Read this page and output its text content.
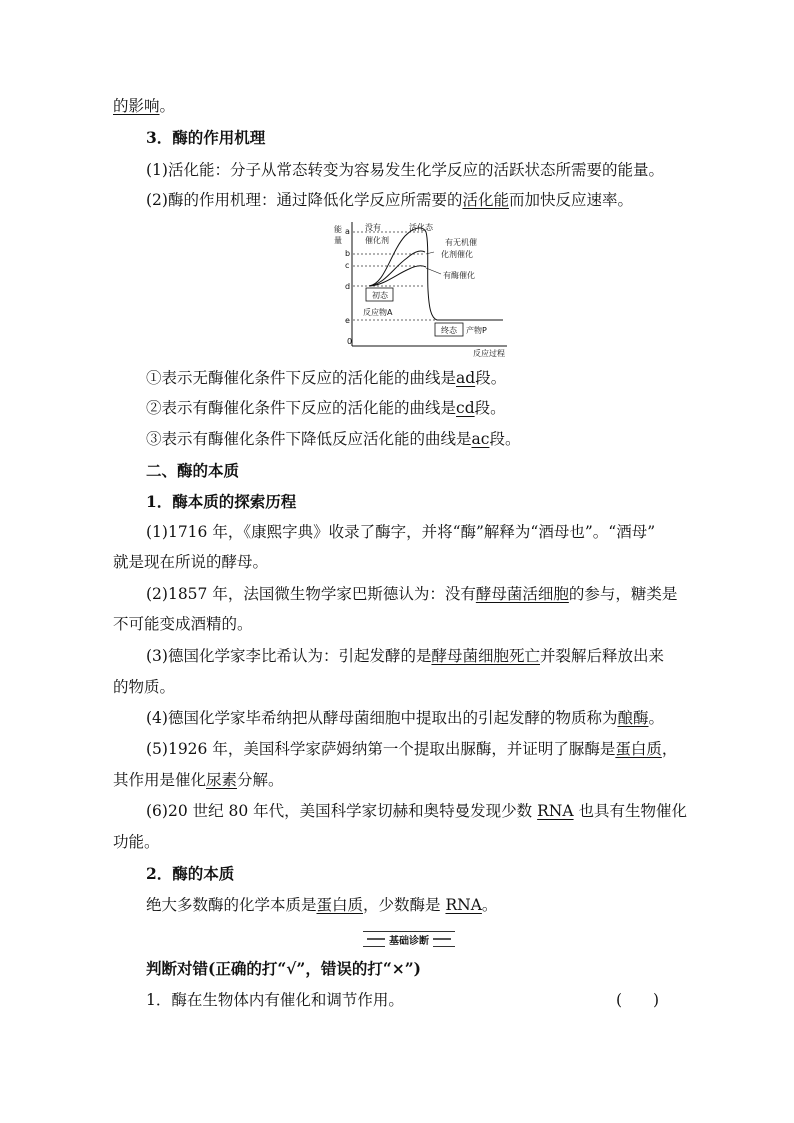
的影响。
3．酶的作用机理
(1)活化能：分子从常态转变为容易发生化学反应的活跃状态所需要的能量。
(2)酶的作用机理：通过降低化学反应所需要的活化能而加快反应速率。
能
量
0
a
b
c
d
e
没有
催化剂
活化态
有无机催
化剂催化
有酶催化
初态
反应物A
终态 产物P
反应过程
①表示无酶催化条件下反应的活化能的曲线是ad段。
②表示有酶催化条件下反应的活化能的曲线是cd段。
③表示有酶催化条件下降低反应活化能的曲线是ac段。
二、酶的本质
1．酶本质的探索历程
(1)1716 年，《康熙字典》收录了酶字，并将“酶”解释为“酒母也”。“酒母”
就是现在所说的酵母。
(2)1857 年，法国微生物学家巴斯德认为：没有酵母菌活细胞的参与，糖类是
不可能变成酒精的。
(3)德国化学家李比希认为：引起发酵的是酵母菌细胞死亡并裂解后释放出来
的物质。
(4)德国化学家毕希纳把从酵母菌细胞中提取出的引起发酵的物质称为酿酶。
(5)1926 年，美国科学家萨姆纳第一个提取出脲酶，并证明了脲酶是蛋白质，
其作用是催化尿素分解。
(6)20 世纪 80 年代，美国科学家切赫和奥特曼发现少数 RNA 也具有生物催化
功能。
2．酶的本质
绝大多数酶的化学本质是蛋白质，少数酶是 RNA。
基础诊断
判断对错(正确的打“√”，错误的打“×”)
1．酶在生物体内有催化和调节作用。	(　　)
